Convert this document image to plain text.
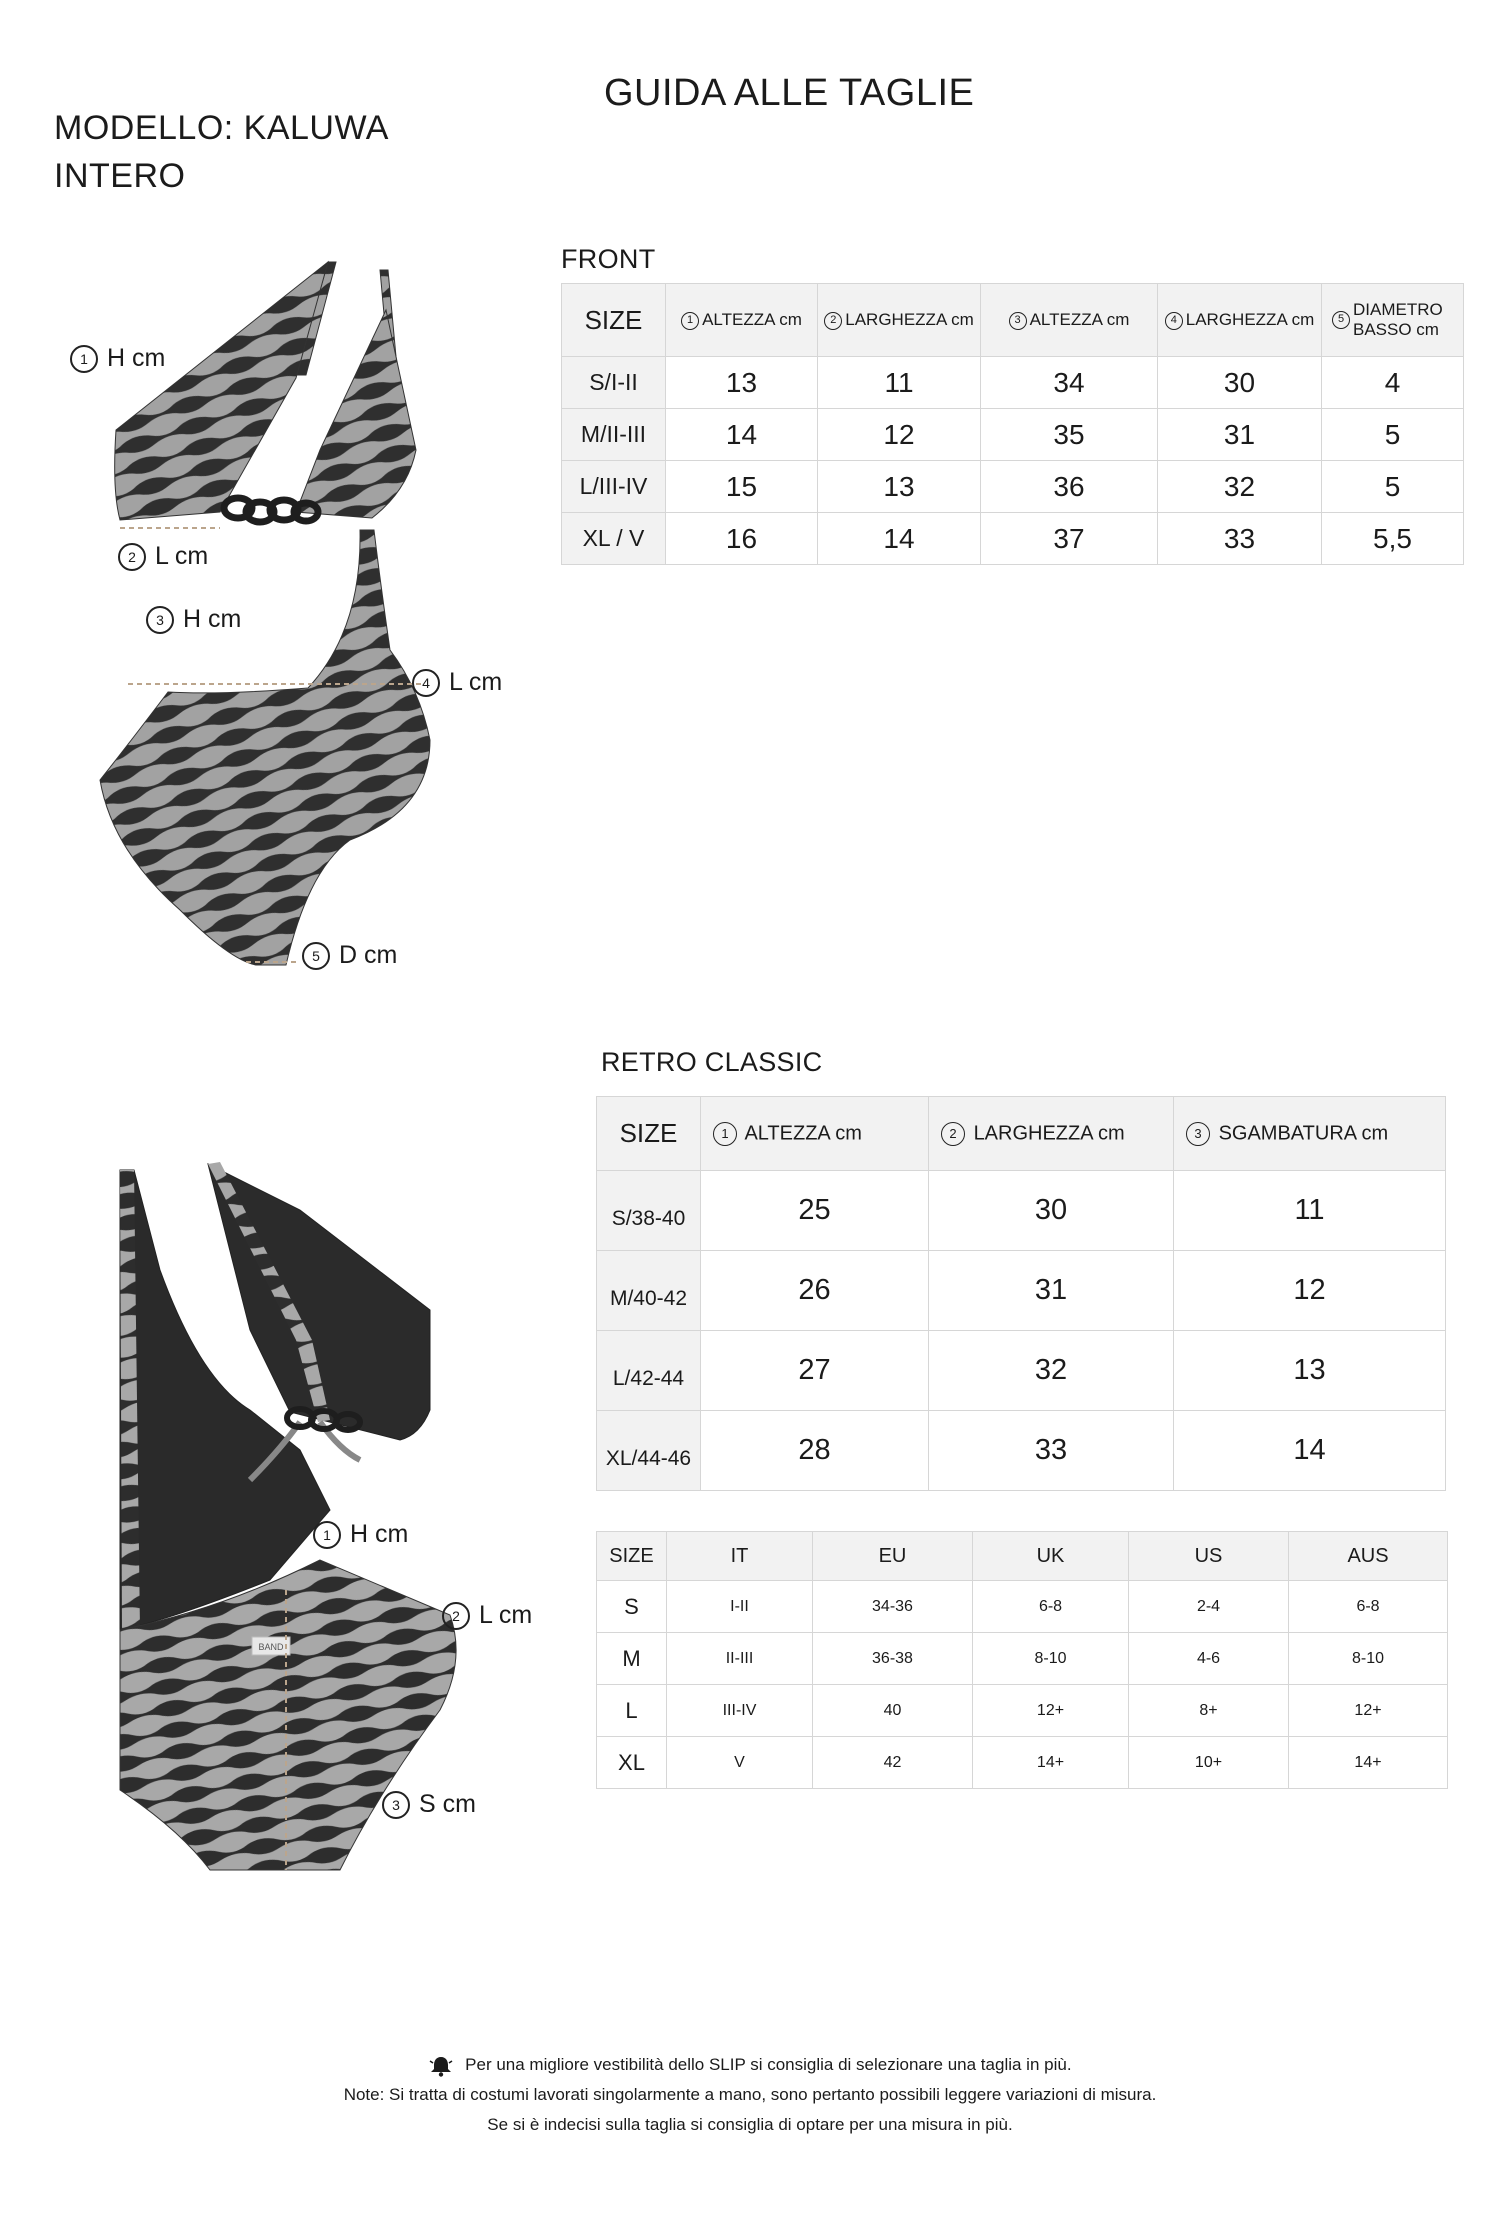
GUIDA ALLE TAGLIE
MODELLO: KALUWA
INTERO
1 H cm
2 L cm
3 H cm
4 L cm
5 D cm
FRONT
SIZE	1 ALTEZZA cm	2 LARGHEZZA cm	3 ALTEZZA cm	4 LARGHEZZA cm	5 DIAMETRO
BASSO cm

S/I-II	13	11	34	30	4
M/II-III	14	12	35	31	5
L/III-IV	15	13	36	32	5
XL / V	16	14	37	33	5,5
BAND
1 H cm
2 L cm
3 S cm
RETRO CLASSIC
SIZE	1 ALTEZZA cm	2 LARGHEZZA cm	3 SGAMBATURA cm
S/38-40	25	30	11
M/40-42	26	31	12
L/42-44	27	32	13
XL/44-46	28	33	14
SIZE	IT	EU	UK	US	AUS
S	I-II	34-36	6-8	2-4	6-8
M	II-III	36-38	8-10	4-6	8-10
L	III-IV	40	12+	8+	12+
XL	V	42	14+	10+	14+
Per una migliore vestibilità dello SLIP si consiglia di selezionare una taglia in più.
Note: Si tratta di costumi lavorati singolarmente a mano, sono pertanto possibili leggere variazioni di misura.
Se si è indecisi sulla taglia si consiglia di optare per una misura in più.
